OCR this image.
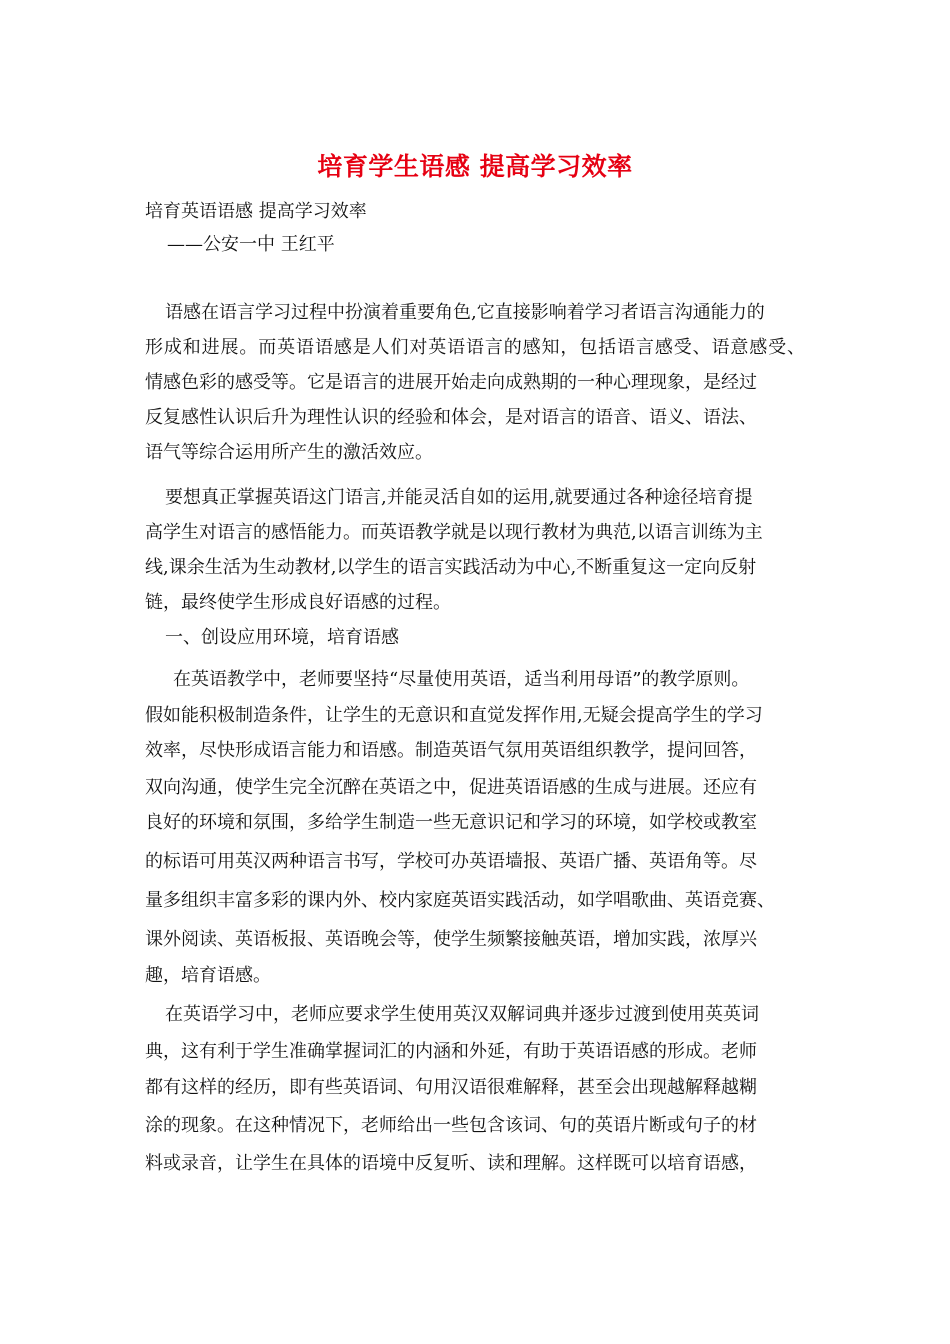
培育学生语感 提高学习效率
培育英语语感 提高学习效率
——公安一中 王红平
语感在语言学习过程中扮演着重要角色,它直接影响着学习者语言沟通能力的
形成和进展。而英语语感是人们对英语语言的感知，包括语言感受、语意感受、
情感色彩的感受等。它是语言的进展开始走向成熟期的一种心理现象，是经过
反复感性认识后升为理性认识的经验和体会，是对语言的语音、语义、语法、
语气等综合运用所产生的激活效应。
要想真正掌握英语这门语言,并能灵活自如的运用,就要通过各种途径培育提
高学生对语言的感悟能力。而英语教学就是以现行教材为典范,以语言训练为主
线,课余生活为生动教材,以学生的语言实践活动为中心,不断重复这一定向反射
链，最终使学生形成良好语感的过程。
一、创设应用环境，培育语感
在英语教学中，老师要坚持“尽量使用英语，适当利用母语”的教学原则。
假如能积极制造条件，让学生的无意识和直觉发挥作用,无疑会提高学生的学习
效率，尽快形成语言能力和语感。制造英语气氛用英语组织教学，提问回答，
双向沟通，使学生完全沉醉在英语之中，促进英语语感的生成与进展。还应有
良好的环境和氛围，多给学生制造一些无意识记和学习的环境，如学校或教室
的标语可用英汉两种语言书写，学校可办英语墙报、英语广播、英语角等。尽
量多组织丰富多彩的课内外、校内家庭英语实践活动，如学唱歌曲、英语竞赛、
课外阅读、英语板报、英语晚会等，使学生频繁接触英语，增加实践，浓厚兴
趣，培育语感。
在英语学习中，老师应要求学生使用英汉双解词典并逐步过渡到使用英英词
典，这有利于学生准确掌握词汇的内涵和外延，有助于英语语感的形成。老师
都有这样的经历，即有些英语词、句用汉语很难解释，甚至会出现越解释越糊
涂的现象。在这种情况下，老师给出一些包含该词、句的英语片断或句子的材
料或录音，让学生在具体的语境中反复听、读和理解。这样既可以培育语感，
